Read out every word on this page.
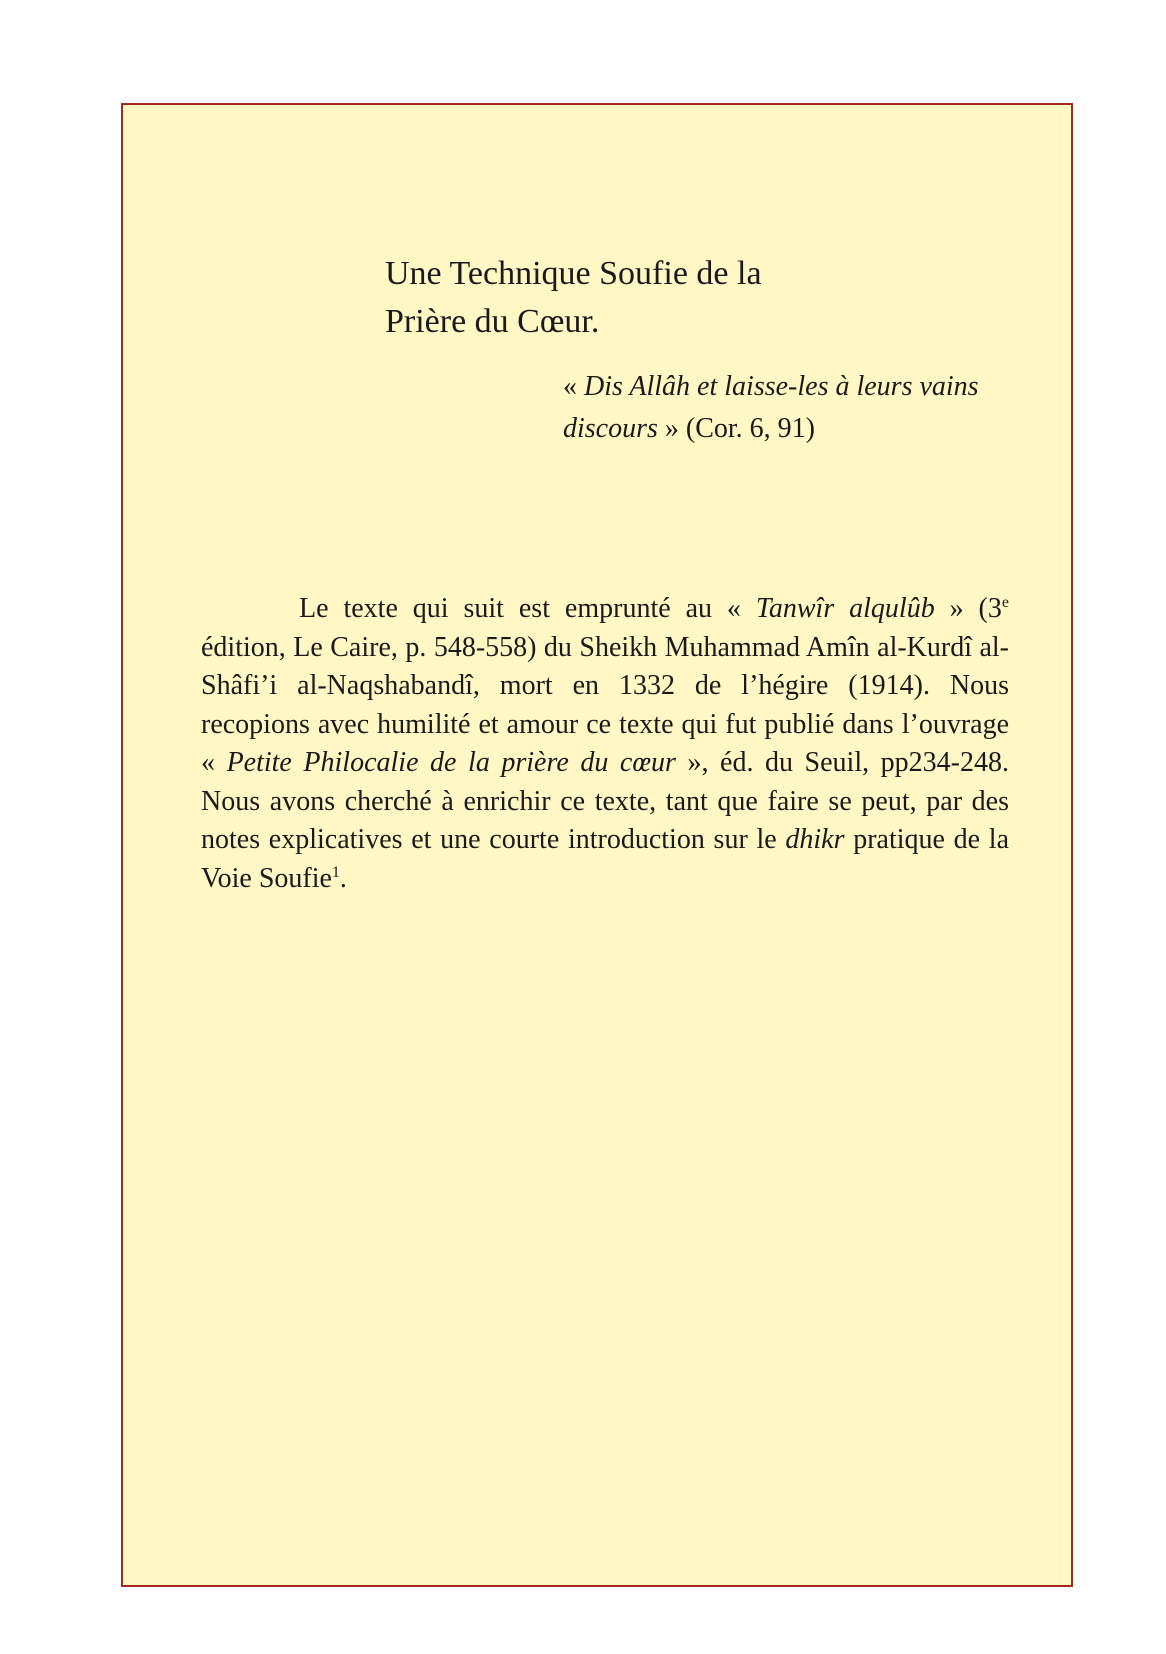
Une Technique Soufie de la
Prière du Cœur.
« Dis Allâh et laisse-les à leurs vains discours » (Cor. 6, 91)

Le texte qui suit est emprunté au « Tanwîr alqulûb » (3e édition, Le Caire, p. 548-558) du Sheikh Muhammad Amîn al-Kurdî al-Shâfi’i al-Naqshabandî, mort en 1332 de l’hégire (1914). Nous recopions avec humilité et amour ce texte qui fut publié dans l’ouvrage « Petite Philocalie de la prière du cœur », éd. du Seuil, pp234-248. Nous avons cherché à enrichir ce texte, tant que faire se peut, par des notes explicatives et une courte introduction sur le dhikr pratique de la Voie Soufie$^1$.
